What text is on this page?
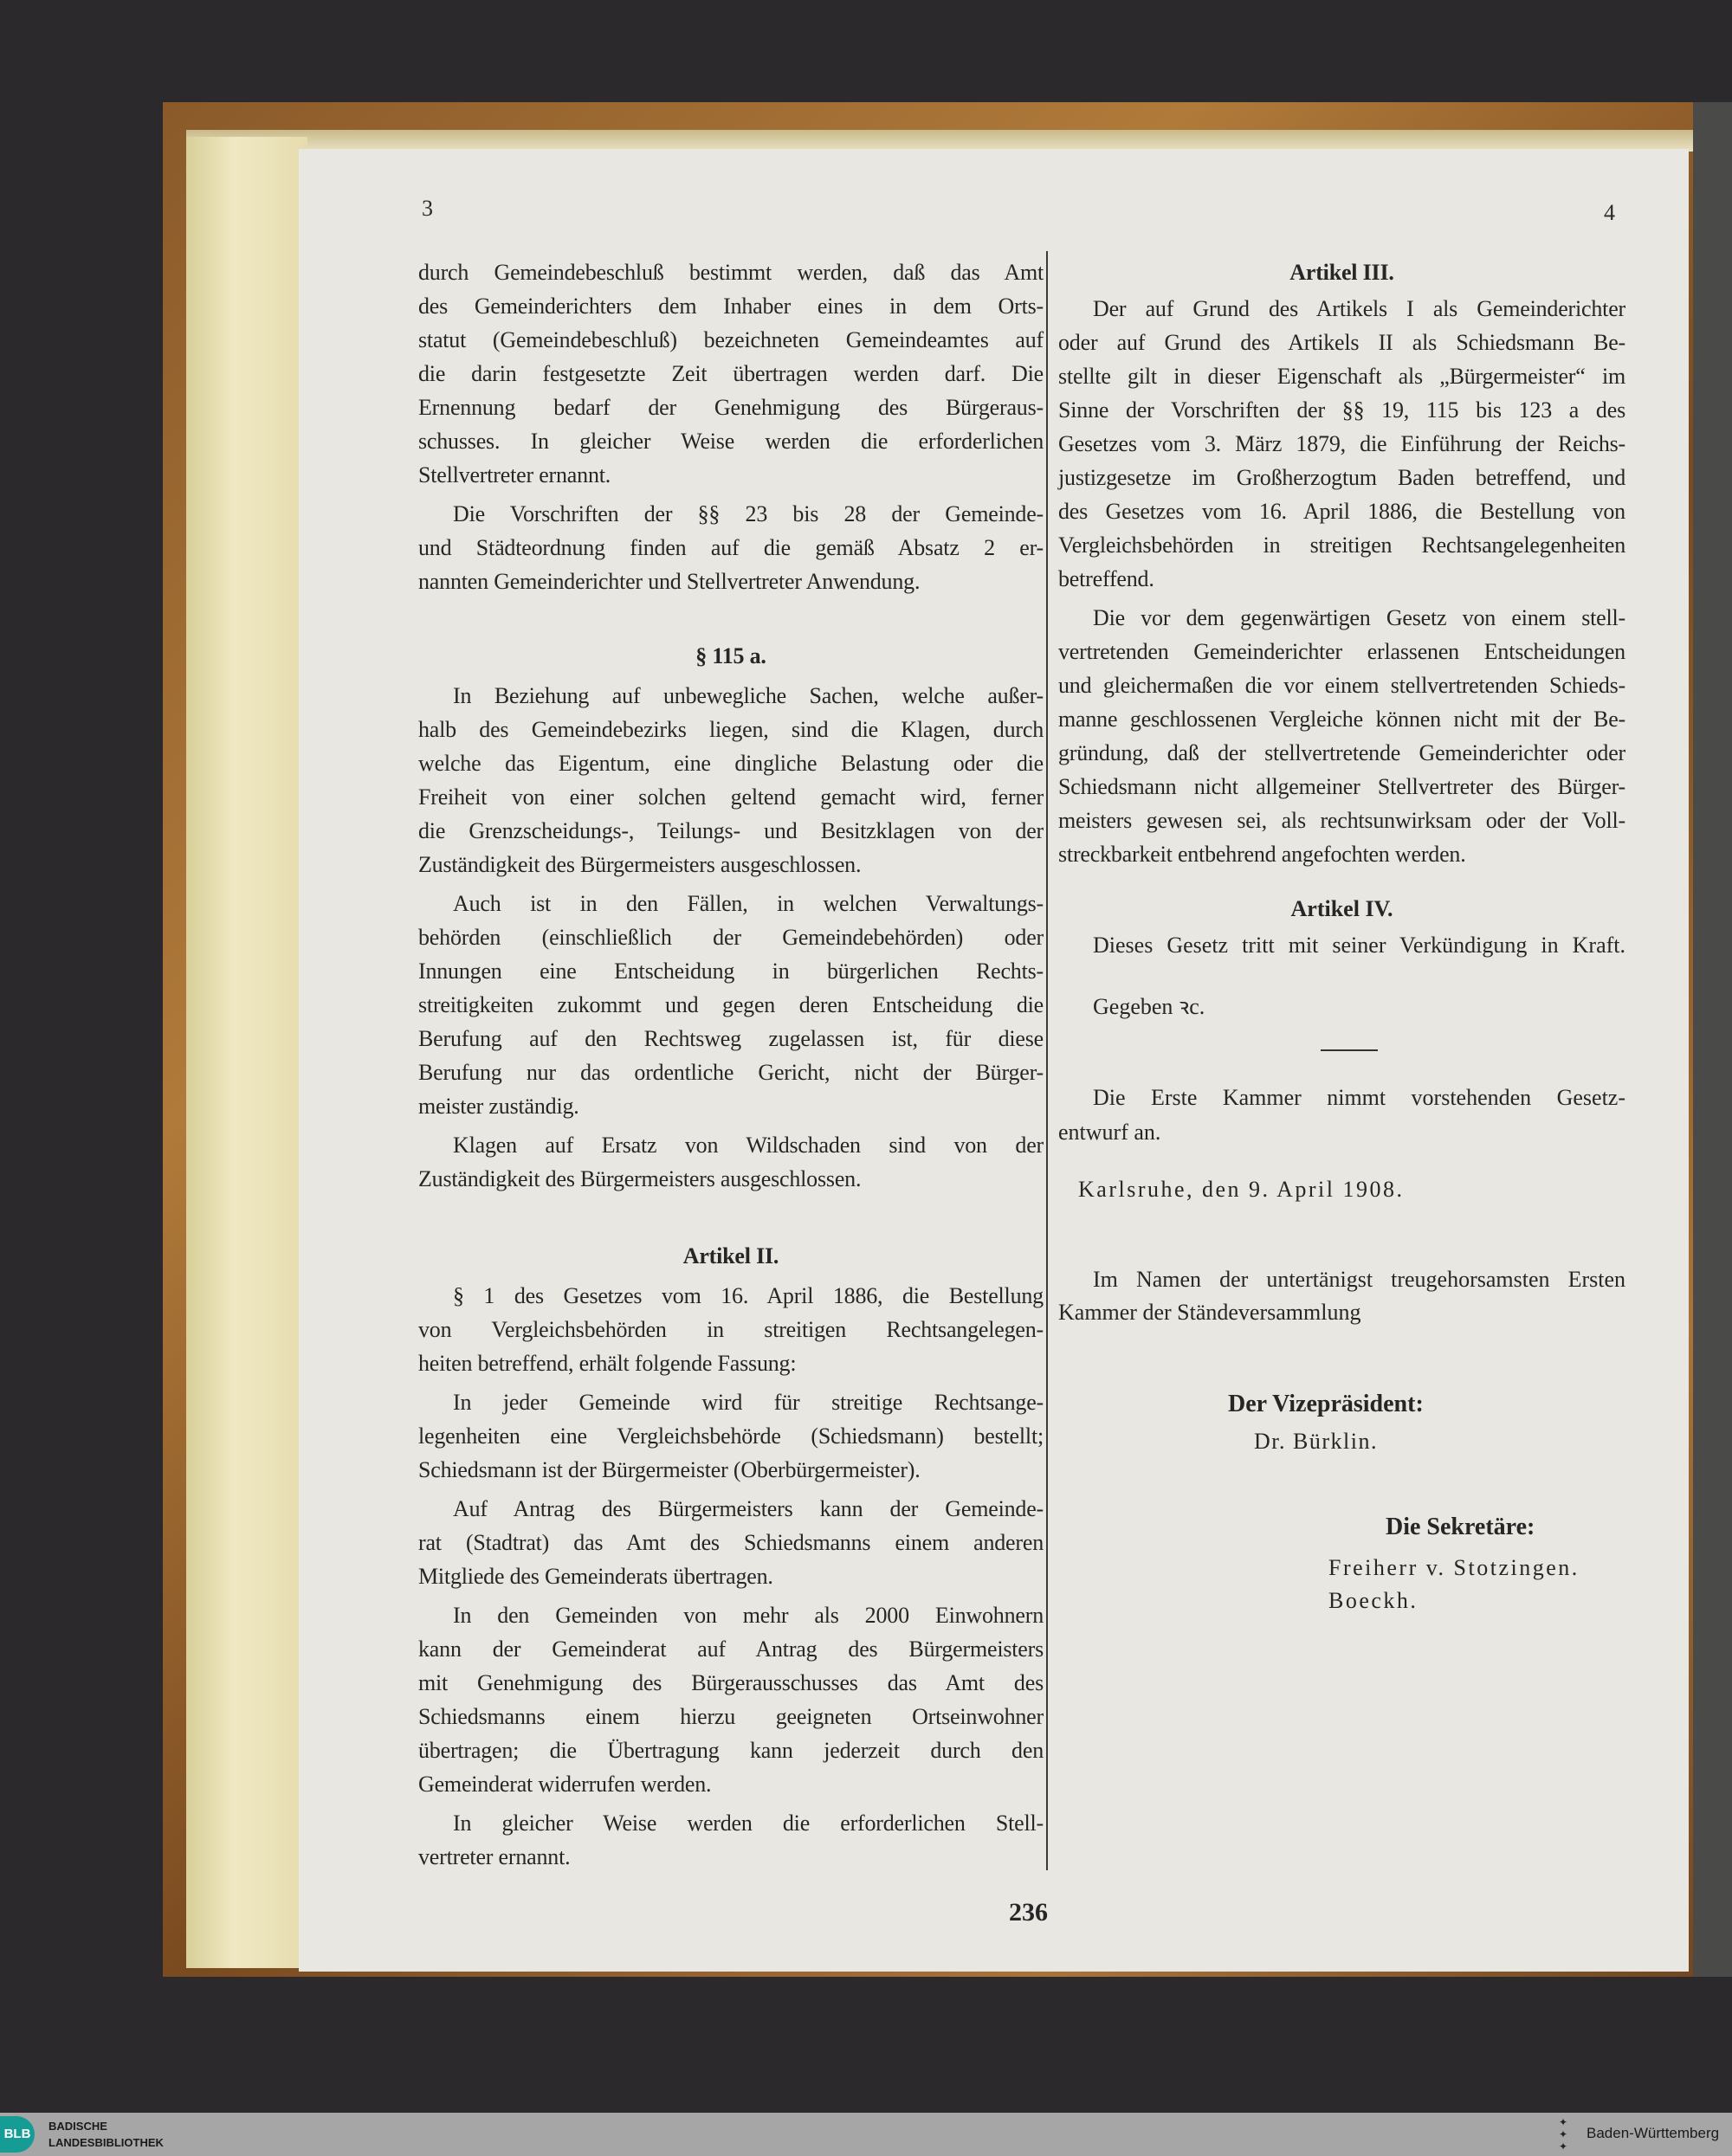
3	4
durch Gemeindebeschluß bestimmt werden, daß das Amt
des Gemeinderichters dem Inhaber eines in dem Orts-
statut (Gemeindebeschluß) bezeichneten Gemeindeamtes auf
die darin festgesetzte Zeit übertragen werden darf. Die
Ernennung bedarf der Genehmigung des Bürgeraus-
schusses. In gleicher Weise werden die erforderlichen
Stellvertreter ernannt.
Die Vorschriften der §§ 23 bis 28 der Gemeinde-
und Städteordnung finden auf die gemäß Absatz 2 er-
nannten Gemeinderichter und Stellvertreter Anwendung.
§ 115 a.
In Beziehung auf unbewegliche Sachen, welche außer-
halb des Gemeindebezirks liegen, sind die Klagen, durch
welche das Eigentum, eine dingliche Belastung oder die
Freiheit von einer solchen geltend gemacht wird, ferner
die Grenzscheidungs-, Teilungs- und Besitzklagen von der
Zuständigkeit des Bürgermeisters ausgeschlossen.
Auch ist in den Fällen, in welchen Verwaltungs-
behörden (einschließlich der Gemeindebehörden) oder
Innungen eine Entscheidung in bürgerlichen Rechts-
streitigkeiten zukommt und gegen deren Entscheidung die
Berufung auf den Rechtsweg zugelassen ist, für diese
Berufung nur das ordentliche Gericht, nicht der Bürger-
meister zuständig.
Klagen auf Ersatz von Wildschaden sind von der
Zuständigkeit des Bürgermeisters ausgeschlossen.
Artikel II.
§ 1 des Gesetzes vom 16. April 1886, die Bestellung
von Vergleichsbehörden in streitigen Rechtsangelegen-
heiten betreffend, erhält folgende Fassung:
In jeder Gemeinde wird für streitige Rechtsange-
legenheiten eine Vergleichsbehörde (Schiedsmann) bestellt;
Schiedsmann ist der Bürgermeister (Oberbürgermeister).
Auf Antrag des Bürgermeisters kann der Gemeinde-
rat (Stadtrat) das Amt des Schiedsmanns einem anderen
Mitgliede des Gemeinderats übertragen.
In den Gemeinden von mehr als 2000 Einwohnern
kann der Gemeinderat auf Antrag des Bürgermeisters
mit Genehmigung des Bürgerausschusses das Amt des
Schiedsmanns einem hierzu geeigneten Ortseinwohner
übertragen; die Übertragung kann jederzeit durch den
Gemeinderat widerrufen werden.
In gleicher Weise werden die erforderlichen Stell-
vertreter ernannt.
Artikel III.
Der auf Grund des Artikels I als Gemeinderichter
oder auf Grund des Artikels II als Schiedsmann Be-
stellte gilt in dieser Eigenschaft als „Bürgermeister“ im
Sinne der Vorschriften der §§ 19, 115 bis 123 a des
Gesetzes vom 3. März 1879, die Einführung der Reichs-
justizgesetze im Großherzogtum Baden betreffend, und
des Gesetzes vom 16. April 1886, die Bestellung von
Vergleichsbehörden in streitigen Rechtsangelegenheiten
betreffend.
Die vor dem gegenwärtigen Gesetz von einem stell-
vertretenden Gemeinderichter erlassenen Entscheidungen
und gleichermaßen die vor einem stellvertretenden Schieds-
manne geschlossenen Vergleiche können nicht mit der Be-
gründung, daß der stellvertretende Gemeinderichter oder
Schiedsmann nicht allgemeiner Stellvertreter des Bürger-
meisters gewesen sei, als rechtsunwirksam oder der Voll-
streckbarkeit entbehrend angefochten werden.
Artikel IV.
Dieses Gesetz tritt mit seiner Verkündigung in Kraft.
Gegeben ꝛc.
Die Erste Kammer nimmt vorstehenden Gesetz-
entwurf an.
Karlsruhe, den 9. April 1908.
Im Namen der untertänigst treugehorsamsten Ersten
Kammer der Ständeversammlung
Der Vizepräsident:
Dr. Bürklin.
Die Sekretäre:
Freiherr v. Stotzingen.
Boeckh.
236
BLB
BADISCHE
LANDESBIBLIOTHEK
✦
✦
✦
Baden-Württemberg
